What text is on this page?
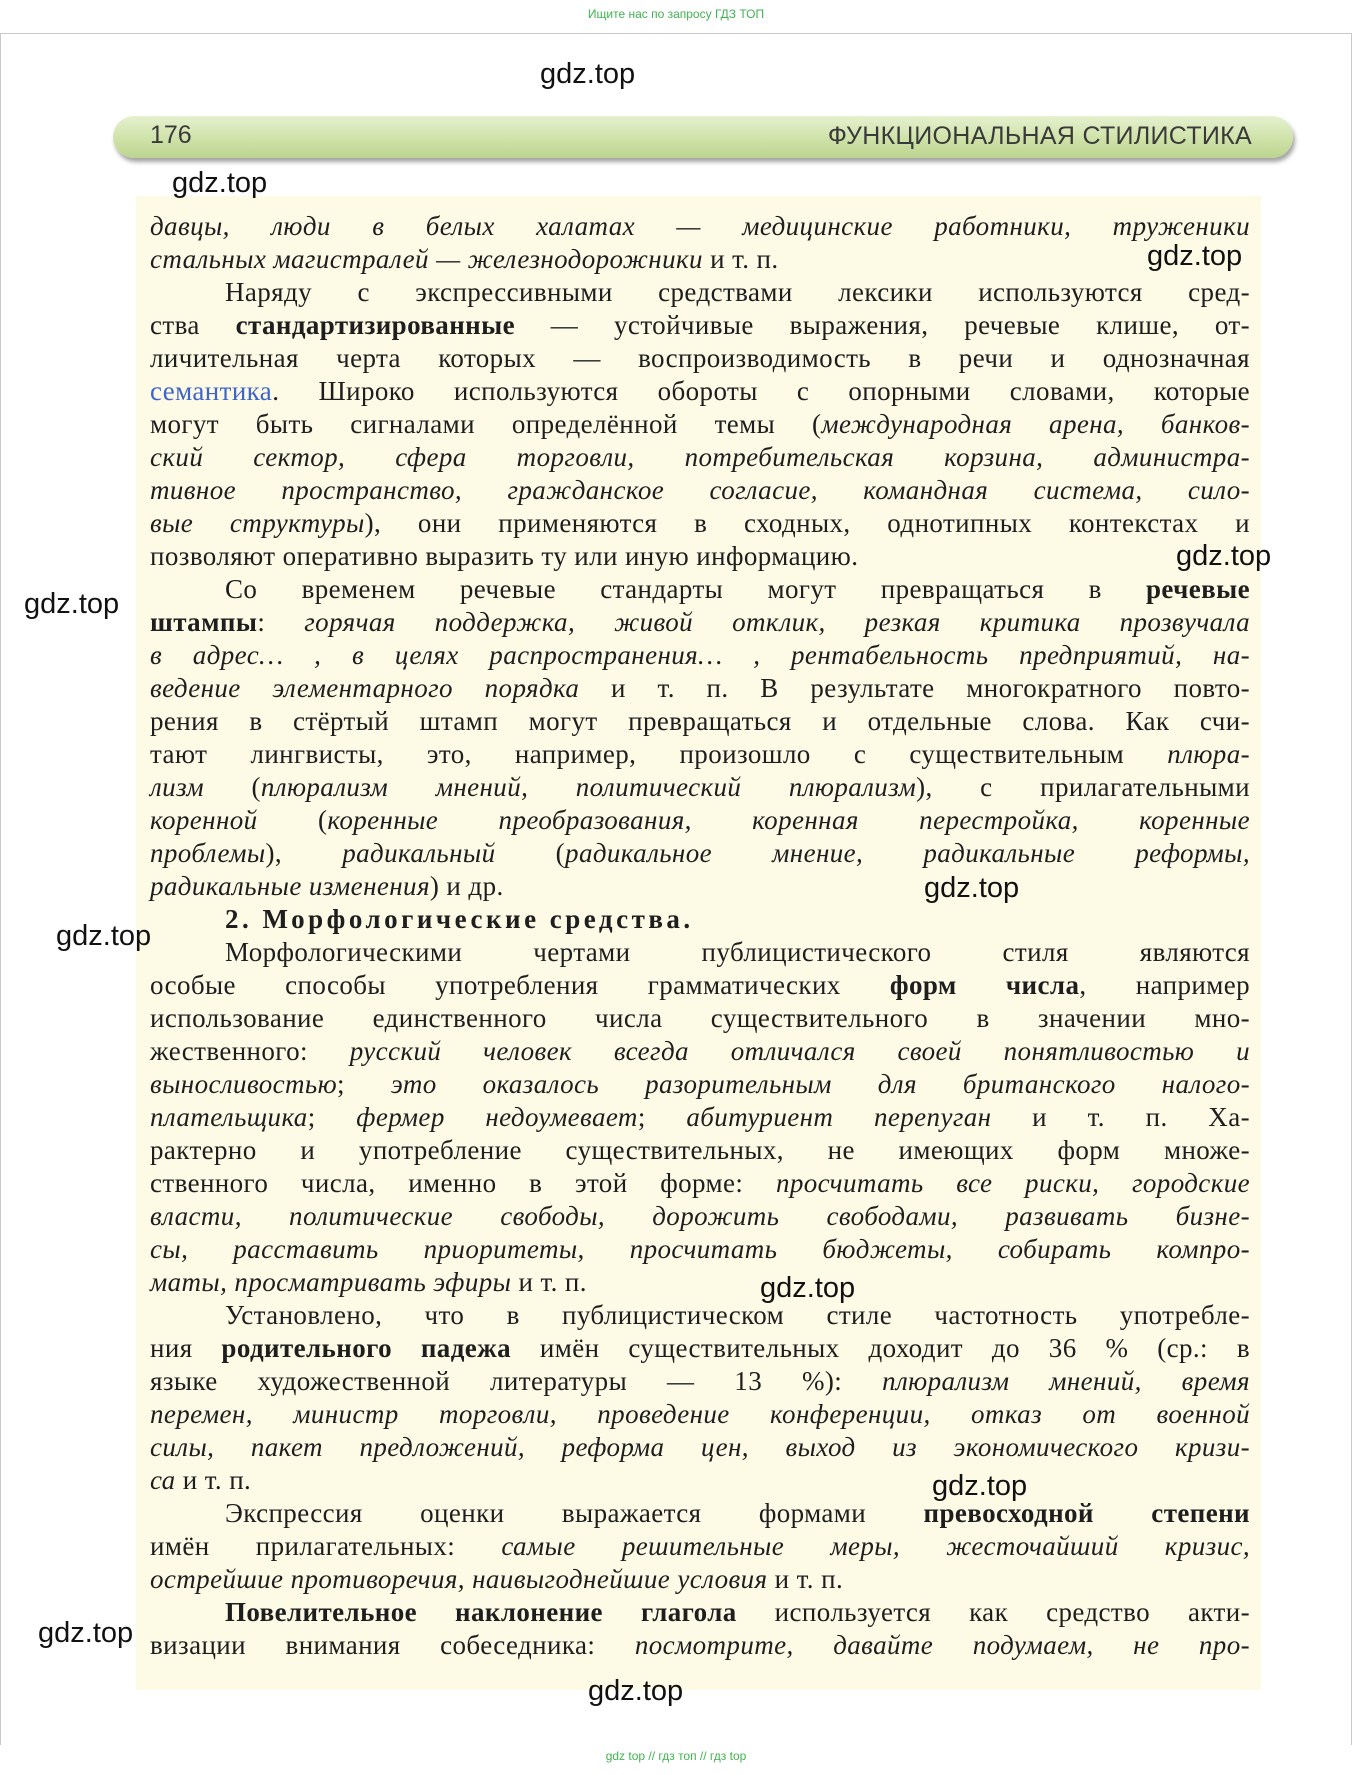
Ищите нас по запросу ГДЗ ТОП
176	ФУНКЦИОНАЛЬНАЯ СТИЛИСТИКА
давцы, люди в белых халатах — медицинские работники, труженики
стальных магистралей — железнодорожники и т. п.
Наряду с экспрессивными средствами лексики используются сред-
ства стандартизированные — устойчивые выражения, речевые клише, от-
личительная черта которых — воспроизводимость в речи и однозначная
семантика. Широко используются обороты с опорными словами, которые
могут быть сигналами определённой темы (международная арена, банков-
ский сектор, сфера торговли, потребительская корзина, администра-
тивное пространство, гражданское согласие, командная система, сило-
вые структуры), они применяются в сходных, однотипных контекстах и
позволяют оперативно выразить ту или иную информацию.
Со временем речевые стандарты могут превращаться в речевые
штампы: горячая поддержка, живой отклик, резкая критика прозвучала
в адрес… , в целях распространения… , рентабельность предприятий, на-
ведение элементарного порядка и т. п. В результате многократного повто-
рения в стёртый штамп могут превращаться и отдельные слова. Как счи-
тают лингвисты, это, например, произошло с существительным плюра-
лизм (плюрализм мнений, политический плюрализм), с прилагательными
коренной (коренные преобразования, коренная перестройка, коренные
проблемы), радикальный (радикальное мнение, радикальные реформы,
радикальные изменения) и др.
2. Морфологические средства.
Морфологическими чертами публицистического стиля являются
особые способы употребления грамматических форм числа, например
использование единственного числа существительного в значении мно-
жественного: русский человек всегда отличался своей понятливостью и
выносливостью; это оказалось разорительным для британского налого-
плательщика; фермер недоумевает; абитуриент перепуган и т. п. Ха-
рактерно и употребление существительных, не имеющих форм множе-
ственного числа, именно в этой форме: просчитать все риски, городские
власти, политические свободы, дорожить свободами, развивать бизне-
сы, расставить приоритеты, просчитать бюджеты, собирать компро-
маты, просматривать эфиры и т. п.
Установлено, что в публицистическом стиле частотность употребле-
ния родительного падежа имён существительных доходит до 36 % (ср.: в
языке художественной литературы — 13 %): плюрализм мнений, время
перемен, министр торговли, проведение конференции, отказ от военной
силы, пакет предложений, реформа цен, выход из экономического кризи-
са и т. п.
Экспрессия оценки выражается формами превосходной степени
имён прилагательных: самые решительные меры, жесточайший кризис,
острейшие противоречия, наивыгоднейшие условия и т. п.
Повелительное наклонение глагола используется как средство акти-
визации внимания собеседника: посмотрите, давайте подумаем, не про-
gdz.top
gdz.top
gdz.top
gdz.top
gdz.top
gdz.top
gdz.top
gdz.top
gdz.top
gdz.top
gdz.top
gdz top // гдз топ // гдз top
